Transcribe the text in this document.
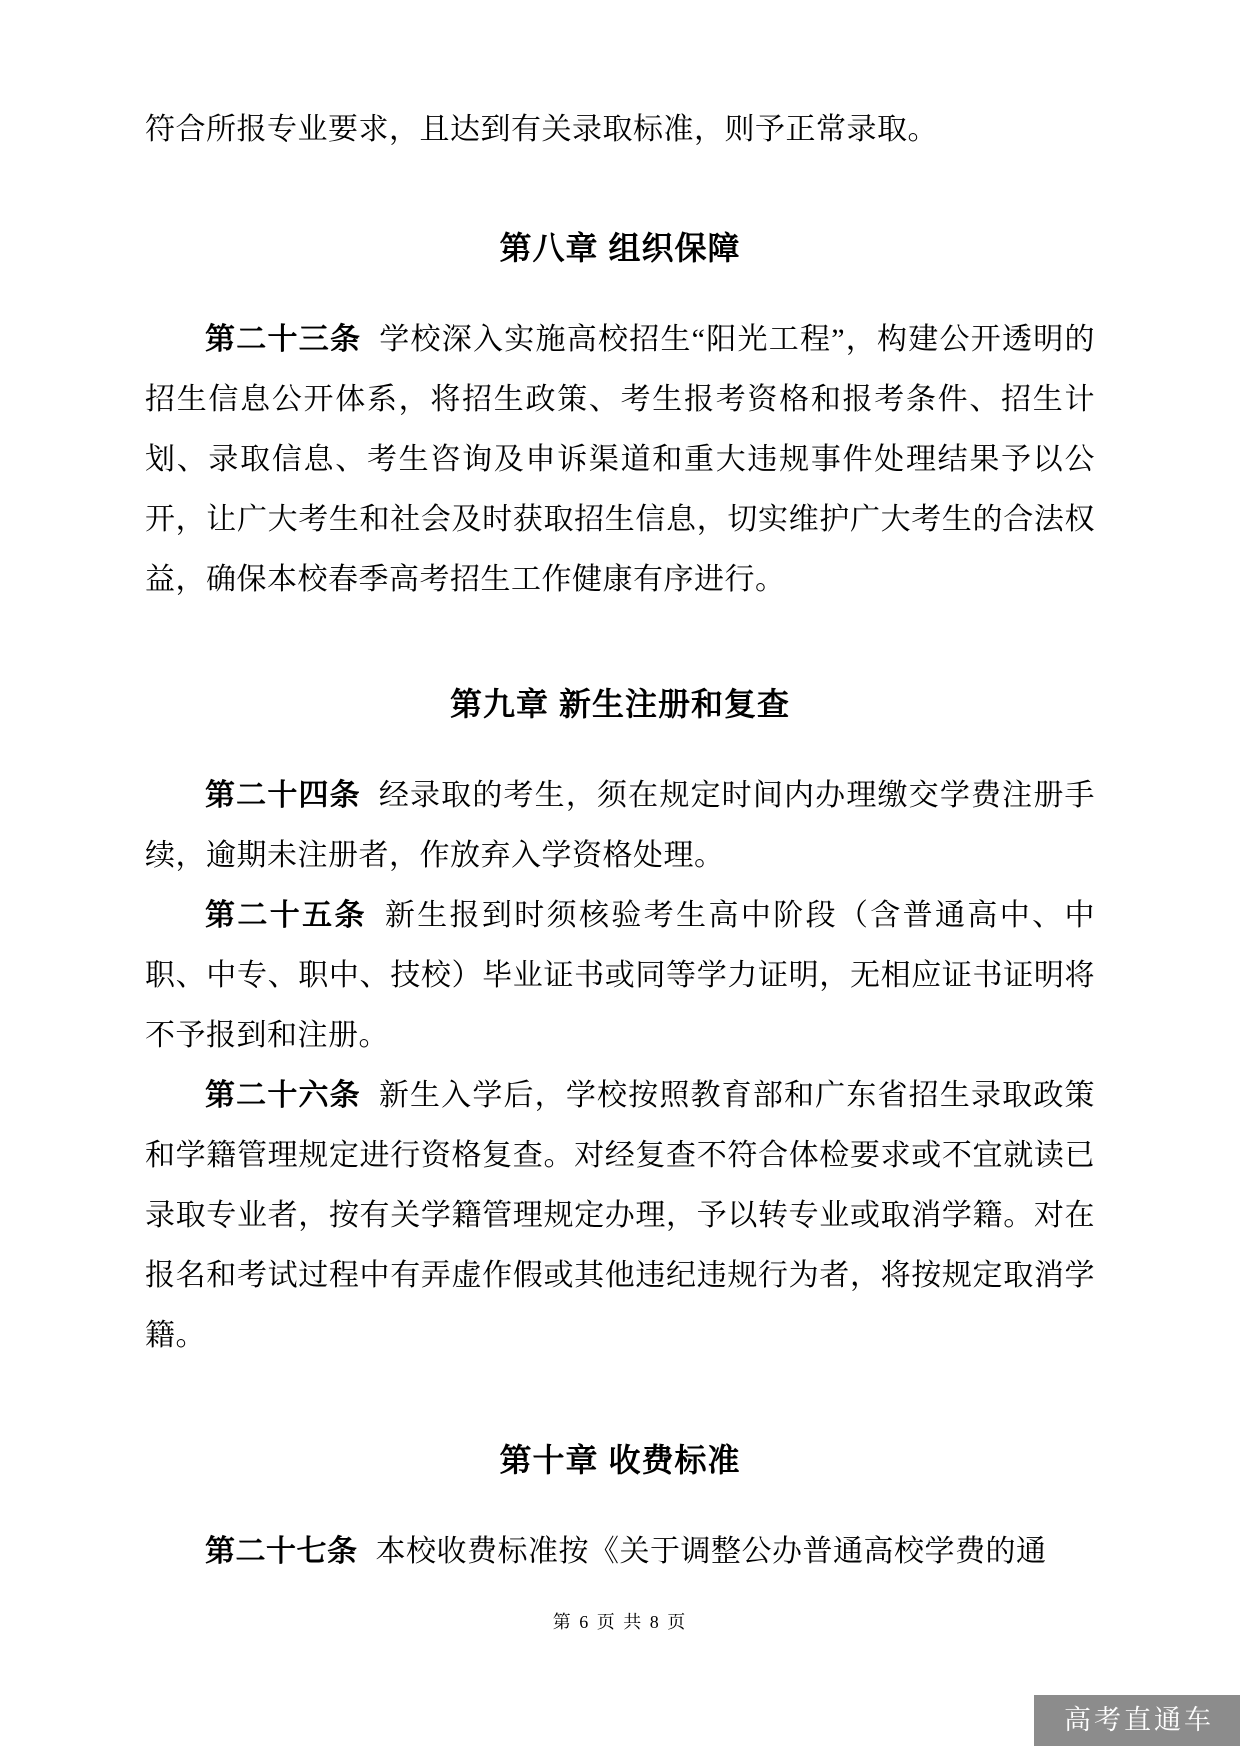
符合所报专业要求，且达到有关录取标准，则予正常录取。

第八章 组织保障

第二十三条 学校深入实施高校招生“阳光工程”，构建公开透明的招生信息公开体系，将招生政策、考生报考资格和报考条件、招生计划、录取信息、考生咨询及申诉渠道和重大违规事件处理结果予以公开，让广大考生和社会及时获取招生信息，切实维护广大考生的合法权益，确保本校春季高考招生工作健康有序进行。

第九章 新生注册和复查

第二十四条 经录取的考生，须在规定时间内办理缴交学费注册手续，逾期未注册者，作放弃入学资格处理。

第二十五条 新生报到时须核验考生高中阶段（含普通高中、中职、中专、职中、技校）毕业证书或同等学力证明，无相应证书证明将不予报到和注册。

第二十六条 新生入学后，学校按照教育部和广东省招生录取政策和学籍管理规定进行资格复查。对经复查不符合体检要求或不宜就读已录取专业者，按有关学籍管理规定办理，予以转专业或取消学籍。对在报名和考试过程中有弄虚作假或其他违纪违规行为者，将按规定取消学籍。

第十章 收费标准

第二十七条 本校收费标准按《关于调整公办普通高校学费的通

第 6 页 共 8 页
高考直通车
